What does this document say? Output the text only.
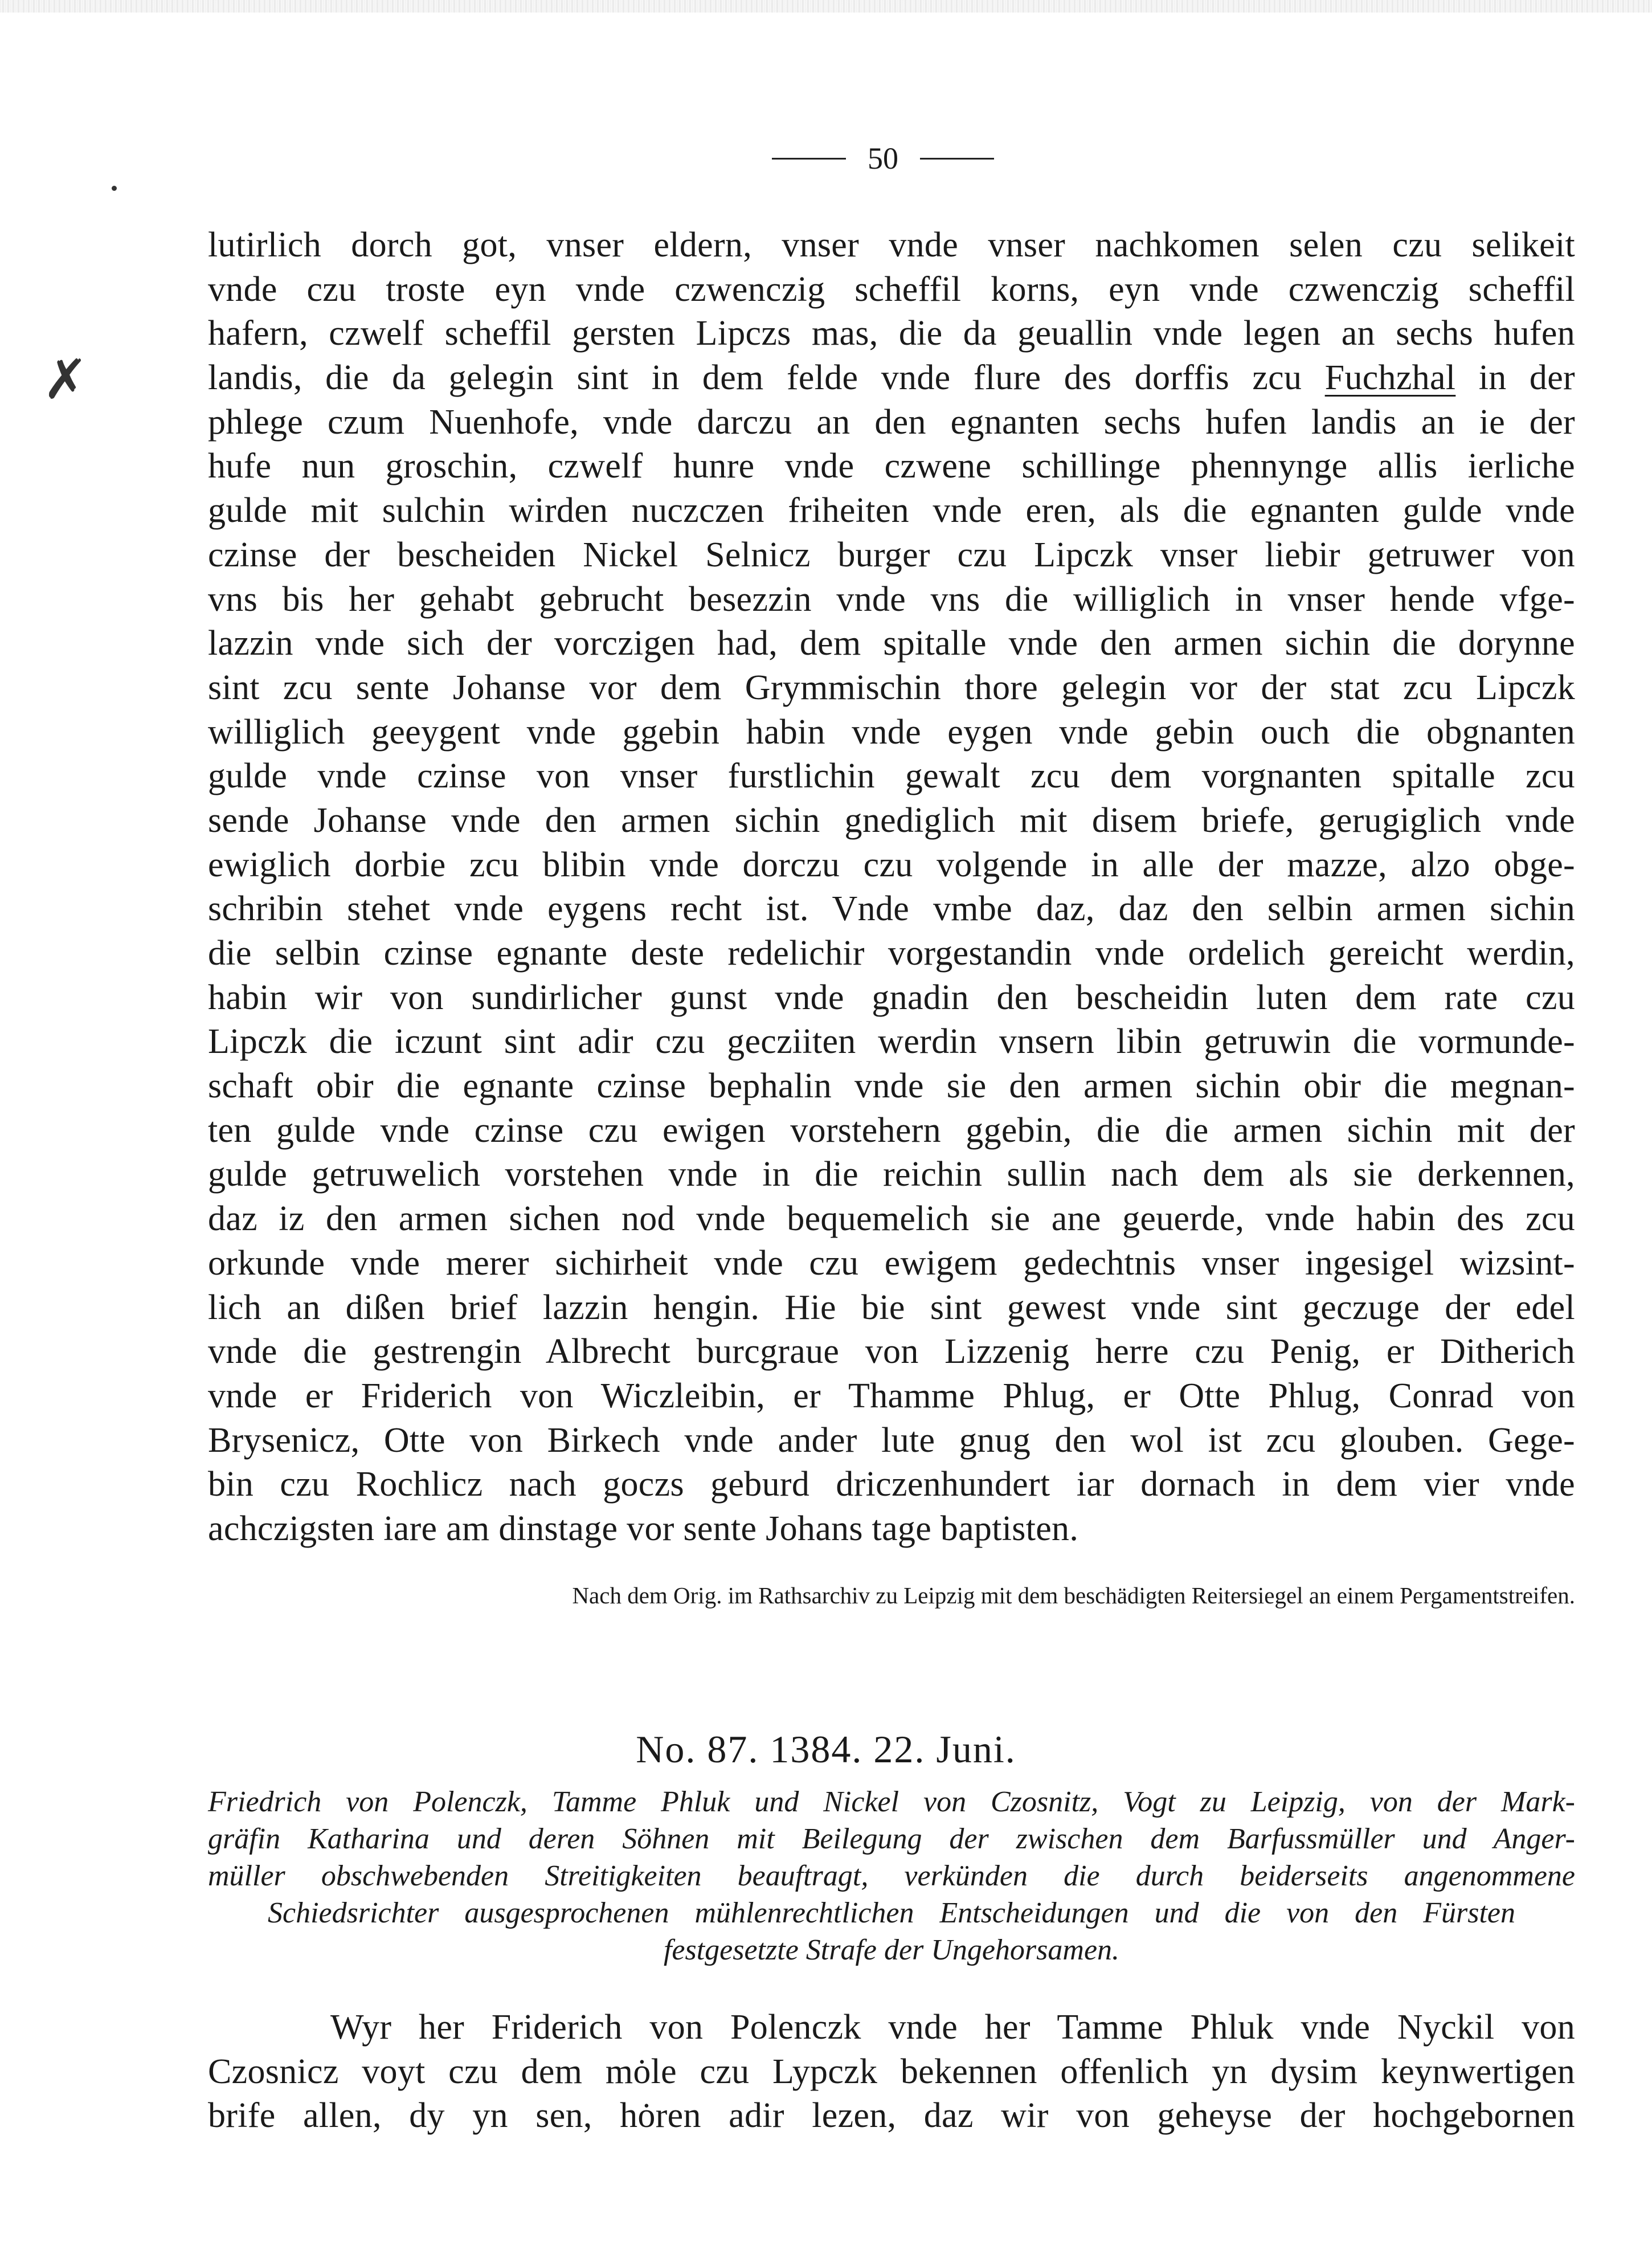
50
✗
lutirlich dorch got, vnser eldern, vnser vnde vnser nachkomen selen czu selikeit
vnde czu troste eyn vnde czwenczig scheffil korns, eyn vnde czwenczig scheffil
hafern, czwelf scheffil gersten Lipczs mas, die da geuallin vnde legen an sechs hufen
landis, die da gelegin sint in dem felde vnde flure des dorffis zcu Fuchzhal in der
phlege czum Nuenhofe, vnde darczu an den egnanten sechs hufen landis an ie der
hufe nun groschin, czwelf hunre vnde czwene schillinge phennynge allis ierliche
gulde mit sulchin wirden nuczczen friheiten vnde eren, als die egnanten gulde vnde
czinse der bescheiden Nickel Selnicz burger czu Lipczk vnser liebir getruwer von
vns bis her gehabt gebrucht besezzin vnde vns die williglich in vnser hende vfge-
lazzin vnde sich der vorczigen had, dem spitalle vnde den armen sichin die dorynne
sint zcu sente Johanse vor dem Grymmischin thore gelegin vor der stat zcu Lipczk
williglich geeygent vnde ggebin habin vnde eygen vnde gebin ouch die obgnanten
gulde vnde czinse von vnser furstlichin gewalt zcu dem vorgnanten spitalle zcu
sende Johanse vnde den armen sichin gnediglich mit disem briefe, gerugiglich vnde
ewiglich dorbie zcu blibin vnde dorczu czu volgende in alle der mazze, alzo obge-
schribin stehet vnde eygens recht ist. Vnde vmbe daz, daz den selbin armen sichin
die selbin czinse egnante deste redelichir vorgestandin vnde ordelich gereicht werdin,
habin wir von sundirlicher gunst vnde gnadin den bescheidin luten dem rate czu
Lipczk die iczunt sint adir czu gecziiten werdin vnsern libin getruwin die vormunde-
schaft obir die egnante czinse bephalin vnde sie den armen sichin obir die megnan-
ten gulde vnde czinse czu ewigen vorstehern ggebin, die die armen sichin mit der
gulde getruwelich vorstehen vnde in die reichin sullin nach dem als sie derkennen,
daz iz den armen sichen nod vnde bequemelich sie ane geuerde, vnde habin des zcu
orkunde vnde merer sichirheit vnde czu ewigem gedechtnis vnser ingesigel wizsint-
lich an dißen brief lazzin hengin. Hie bie sint gewest vnde sint geczuge der edel
vnde die gestrengin Albrecht burcgraue von Lizzenig herre czu Penig, er Ditherich
vnde er Friderich von Wiczleibin, er Thamme Phlug, er Otte Phlug, Conrad von
Brysenicz, Otte von Birkech vnde ander lute gnug den wol ist zcu glouben. Gege-
bin czu Rochlicz nach goczs geburd driczenhundert iar dornach in dem vier vnde
achczigsten iare am dinstage vor sente Johans tage baptisten.
Nach dem Orig. im Rathsarchiv zu Leipzig mit dem beschädigten Reitersiegel an einem Pergamentstreifen.
No. 87. 1384. 22. Juni.
Friedrich von Polenczk, Tamme Phluk und Nickel von Czosnitz, Vogt zu Leipzig, von der Mark-
gräfin Katharina und deren Söhnen mit Beilegung der zwischen dem Barfussmüller und Anger-
müller obschwebenden Streitigkeiten beauftragt, verkünden die durch beiderseits angenommene
Schiedsrichter ausgesprochenen mühlenrechtlichen Entscheidungen und die von den Fürsten
festgesetzte Strafe der Ungehorsamen.
Wyr her Friderich von Polenczk vnde her Tamme Phluk vnde Nyckil von
Czosnicz voyt czu dem mȯle czu Lypczk bekennen offenlich yn dysim keynwertigen
brife allen, dy yn sen, hȯren adir lezen, daz wir von geheyse der hochgebornen
